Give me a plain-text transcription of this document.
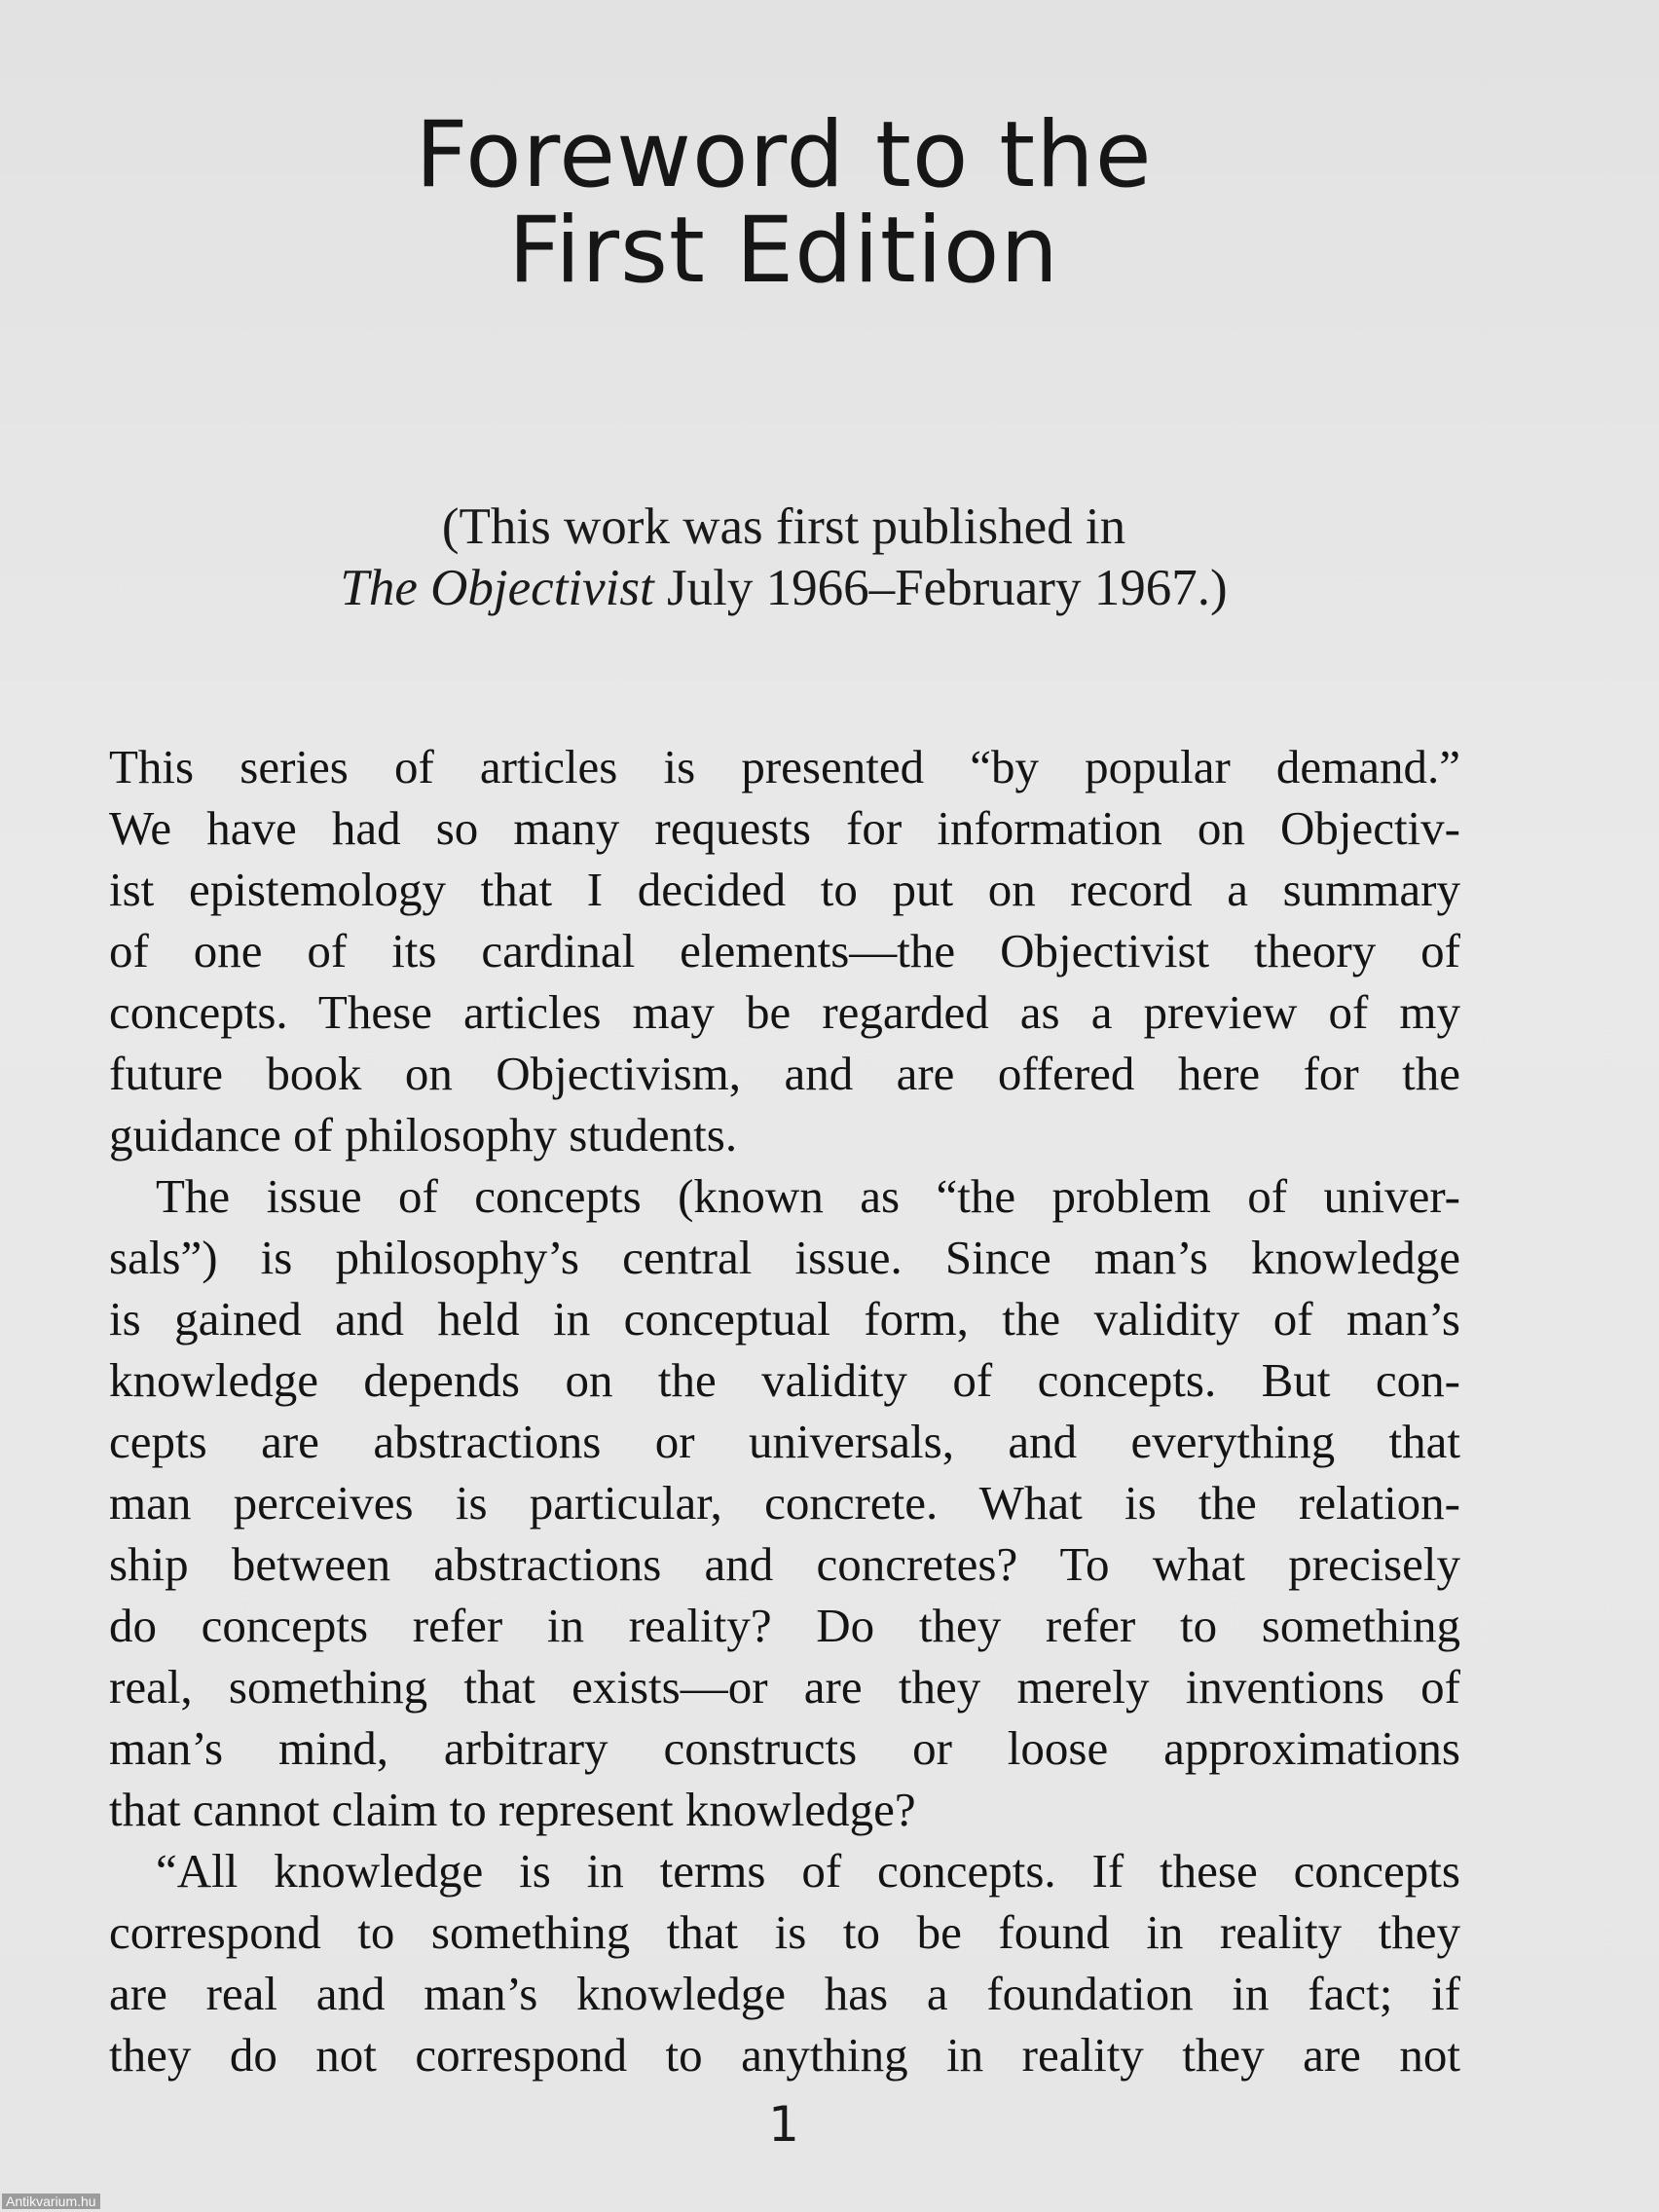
Foreword to the
First Edition
(This work was first published in
The Objectivist July 1966–February 1967.)
This series of articles is presented “by popular demand.”
We have had so many requests for information on Objectiv-
ist epistemology that I decided to put on record a summary
of one of its cardinal elements—the Objectivist theory of
concepts. These articles may be regarded as a preview of my
future book on Objectivism, and are offered here for the
guidance of philosophy students.
The issue of concepts (known as “the problem of univer-
sals”) is philosophy’s central issue. Since man’s knowledge
is gained and held in conceptual form, the validity of man’s
knowledge depends on the validity of concepts. But con-
cepts are abstractions or universals, and everything that
man perceives is particular, concrete. What is the relation-
ship between abstractions and concretes? To what precisely
do concepts refer in reality? Do they refer to something
real, something that exists—or are they merely inventions of
man’s mind, arbitrary constructs or loose approximations
that cannot claim to represent knowledge?
“All knowledge is in terms of concepts. If these concepts
correspond to something that is to be found in reality they
are real and man’s knowledge has a foundation in fact; if
they do not correspond to anything in reality they are not
1
Antikvarium.hu
